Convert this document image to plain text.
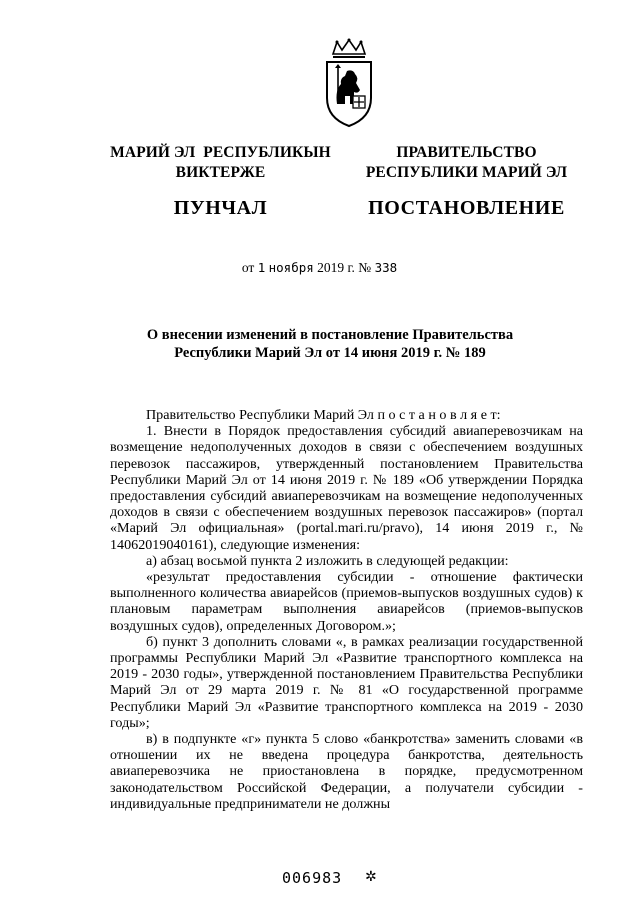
МАРИЙ ЭЛ  РЕСПУБЛИКЫН
ВИКТЕРЖЕ
ПУНЧАЛ
ПРАВИТЕЛЬСТВО
РЕСПУБЛИКИ МАРИЙ ЭЛ
ПОСТАНОВЛЕНИЕ
от 1 ноября 2019 г. № 338
О внесении изменений в постановление Правительства
Республики Марий Эл от 14 июня 2019 г. № 189

Правительство Республики Марий Эл п о с т а н о в л я е т:

1. Внести в Порядок предоставления субсидий авиаперевозчикам на возмещение недополученных доходов в связи с обеспечением воздушных перевозок пассажиров, утвержденный постановлением Правительства Республики Марий Эл от 14 июня 2019 г. № 189 «Об утверждении Порядка предоставления субсидий авиаперевозчикам на возмещение недополученных доходов в связи с обеспечением воздушных перевозок пассажиров» (портал «Марий Эл официальная» (portal.mari.ru/pravo), 14 июня 2019 г., № 14062019040161), следующие изменения:

а) абзац восьмой пункта 2 изложить в следующей редакции:

«результат предоставления субсидии - отношение фактически выполненного количества авиарейсов (приемов-выпусков воздушных судов) к плановым параметрам выполнения авиарейсов (приемов-выпусков воздушных судов), определенных Договором.»;

б) пункт 3 дополнить словами «, в рамках реализации государственной программы Республики Марий Эл «Развитие транспортного комплекса на 2019 - 2030 годы», утвержденной постановлением Правительства Республики Марий Эл от 29 марта 2019 г. № 81 «О государственной программе Республики Марий Эл «Развитие транспортного комплекса на 2019 - 2030 годы»;

в) в подпункте «г» пункта 5 слово «банкротства» заменить словами «в отношении их не введена процедура банкротства, деятельность авиаперевозчика не приостановлена в порядке, предусмотренном законодательством Российской Федерации, а получатели субсидии - индивидуальные предприниматели не должны

006983 ✲
